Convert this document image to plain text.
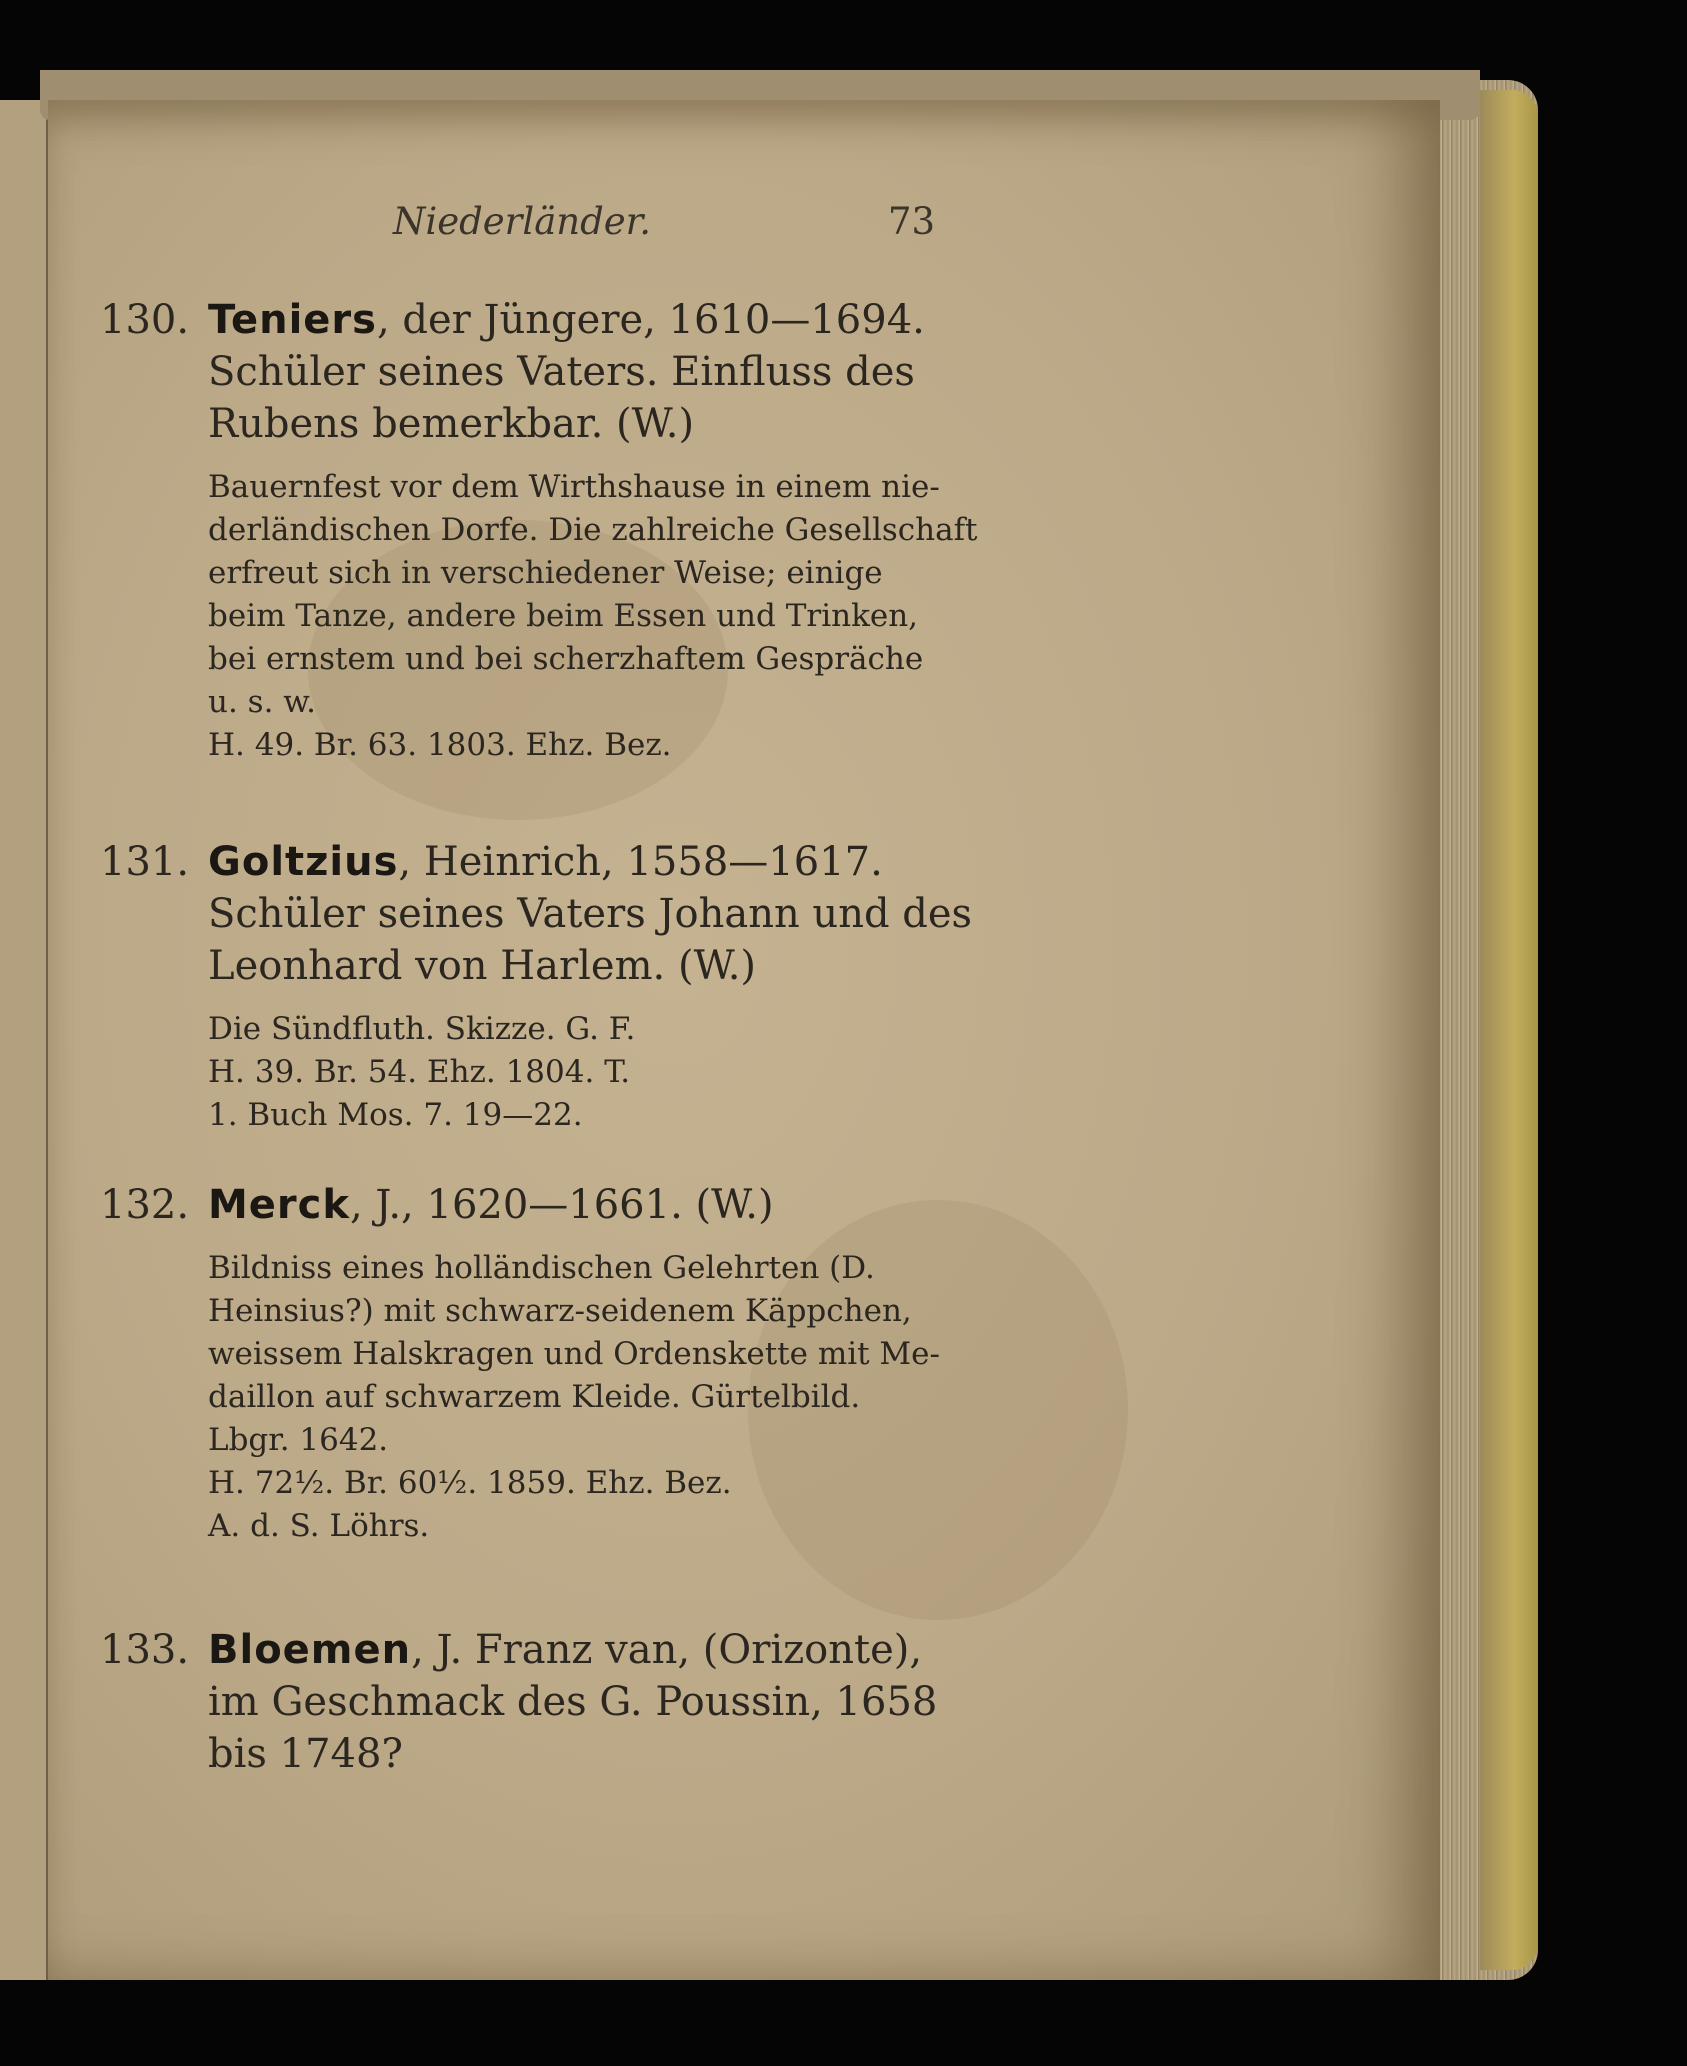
Niederländer.	73
130. Teniers, der Jüngere, 1610—1694.
Schüler seines Vaters. Einfluss des
Rubens bemerkbar. (W.)
Bauernfest vor dem Wirthshause in einem nie-
derländischen Dorfe. Die zahlreiche Gesellschaft
erfreut sich in verschiedener Weise; einige
beim Tanze, andere beim Essen und Trinken,
bei ernstem und bei scherzhaftem Gespräche
u. s. w.
H. 49. Br. 63. 1803. Ehz. Bez.
131. Goltzius, Heinrich, 1558—1617.
Schüler seines Vaters Johann und des
Leonhard von Harlem. (W.)
Die Sündfluth. Skizze. G. F.
H. 39. Br. 54. Ehz. 1804. T.
1. Buch Mos. 7. 19—22.
132. Merck, J., 1620—1661. (W.)
Bildniss eines holländischen Gelehrten (D.
Heinsius?) mit schwarz-seidenem Käppchen,
weissem Halskragen und Ordenskette mit Me-
daillon auf schwarzem Kleide. Gürtelbild.
Lbgr. 1642.
H. 72½. Br. 60½. 1859. Ehz. Bez.
A. d. S. Löhrs.
133. Bloemen, J. Franz van, (Orizonte),
im Geschmack des G. Poussin, 1658
bis 1748?
